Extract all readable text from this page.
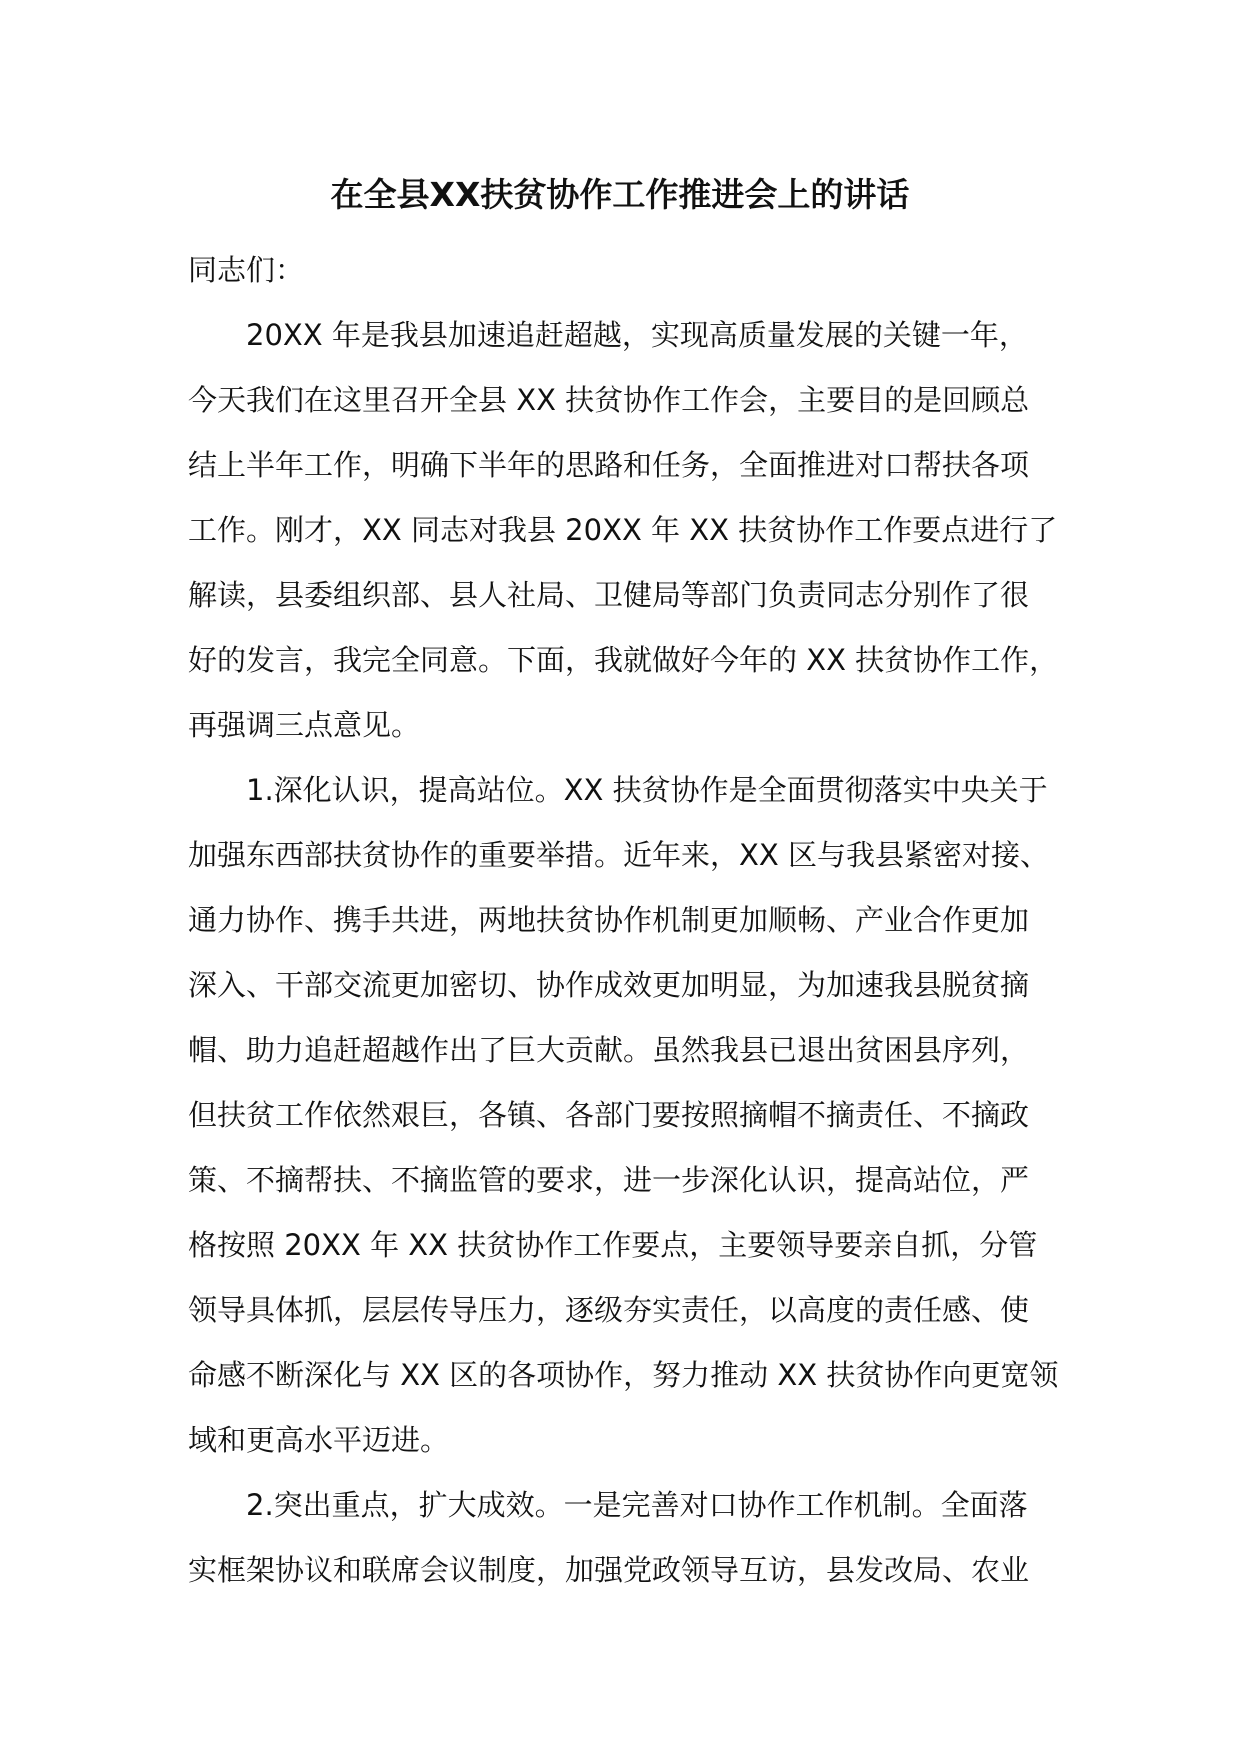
在全县XX扶贫协作工作推进会上的讲话
同志们：
20XX 年是我县加速追赶超越，实现高质量发展的关键一年，
今天我们在这里召开全县 XX 扶贫协作工作会，主要目的是回顾总
结上半年工作，明确下半年的思路和任务，全面推进对口帮扶各项
工作。刚才，XX 同志对我县 20XX 年 XX 扶贫协作工作要点进行了
解读，县委组织部、县人社局、卫健局等部门负责同志分别作了很
好的发言，我完全同意。下面，我就做好今年的 XX 扶贫协作工作，
再强调三点意见。
1.深化认识，提高站位。XX 扶贫协作是全面贯彻落实中央关于
加强东西部扶贫协作的重要举措。近年来，XX 区与我县紧密对接、
通力协作、携手共进，两地扶贫协作机制更加顺畅、产业合作更加
深入、干部交流更加密切、协作成效更加明显，为加速我县脱贫摘
帽、助力追赶超越作出了巨大贡献。虽然我县已退出贫困县序列，
但扶贫工作依然艰巨，各镇、各部门要按照摘帽不摘责任、不摘政
策、不摘帮扶、不摘监管的要求，进一步深化认识，提高站位，严
格按照 20XX 年 XX 扶贫协作工作要点，主要领导要亲自抓，分管
领导具体抓，层层传导压力，逐级夯实责任，以高度的责任感、使
命感不断深化与 XX 区的各项协作，努力推动 XX 扶贫协作向更宽领
域和更高水平迈进。
2.突出重点，扩大成效。一是完善对口协作工作机制。全面落
实框架协议和联席会议制度，加强党政领导互访，县发改局、农业
